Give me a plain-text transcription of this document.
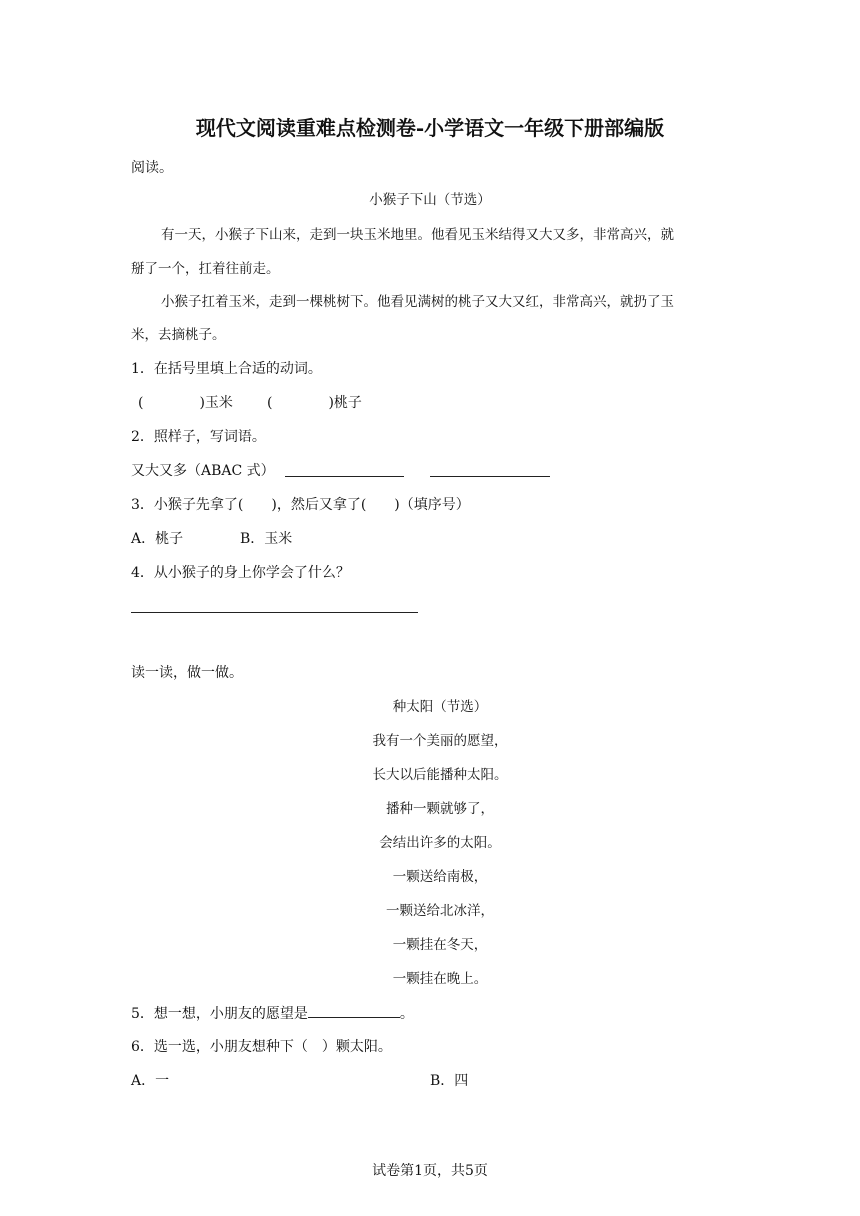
现代文阅读重难点检测卷-小学语文一年级下册部编版
阅读。
小猴子下山（节选）
有一天，小猴子下山来，走到一块玉米地里。他看见玉米结得又大又多，非常高兴，就
掰了一个，扛着往前走。
小猴子扛着玉米，走到一棵桃树下。他看见满树的桃子又大又红，非常高兴，就扔了玉
米，去摘桃子。
1．在括号里填上合适的动词。
(　　　　)玉米 (　　　　)桃子
2．照样子，写词语。
又大又多（ABAC 式）
3．小猴子先拿了(　　)，然后又拿了(　　)（填序号）
A．桃子	B．玉米
4．从小猴子的身上你学会了什么？
读一读，做一做。
种太阳（节选）
我有一个美丽的愿望，
长大以后能播种太阳。
播种一颗就够了，
会结出许多的太阳。
一颗送给南极，
一颗送给北冰洋，
一颗挂在冬天，
一颗挂在晚上。
5．想一想，小朋友的愿望是	。
6．选一选，小朋友想种下（　）颗太阳。
A．一	B．四
试卷第1页，共5页
